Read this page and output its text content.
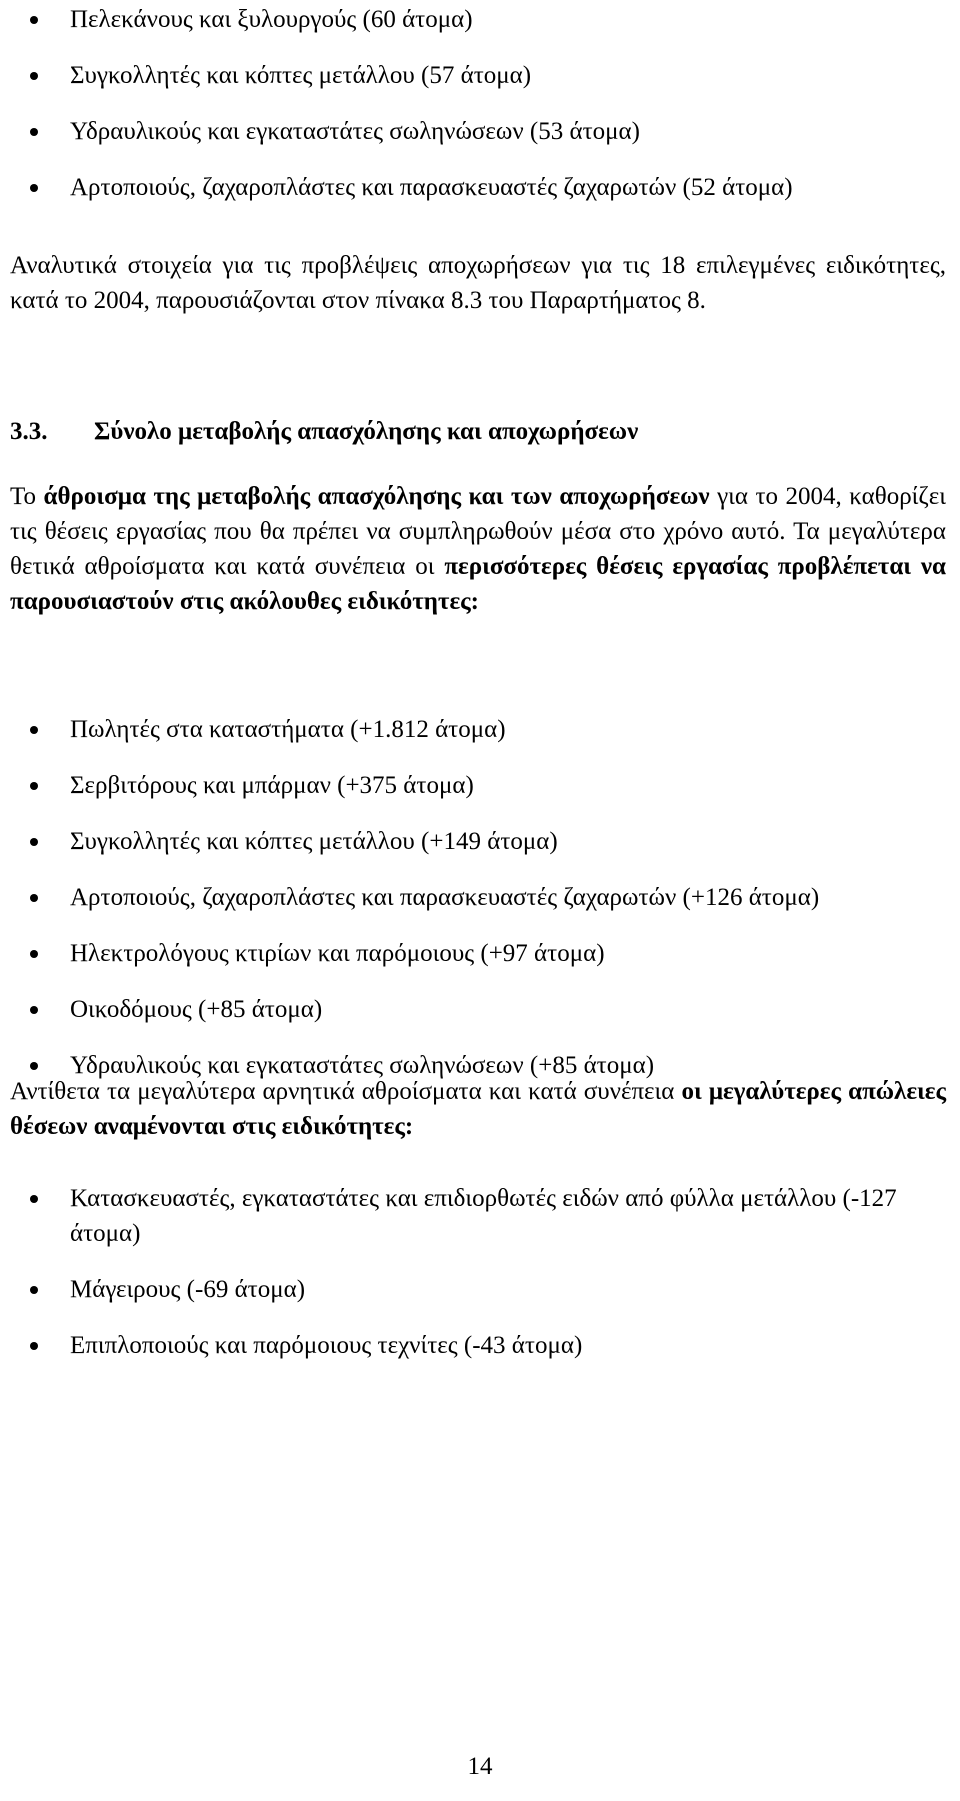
Πελεκάνους και ξυλουργούς (60 άτομα)
Συγκολλητές και κόπτες μετάλλου (57 άτομα)
Υδραυλικούς και εγκαταστάτες σωληνώσεων (53 άτομα)
Αρτοποιούς, ζαχαροπλάστες και παρασκευαστές ζαχαρωτών (52 άτομα)

Αναλυτικά στοιχεία για τις προβλέψεις αποχωρήσεων για τις 18 επιλεγμένες ειδικότητες, κατά το 2004, παρουσιάζονται στον πίνακα 8.3 του Παραρτήματος 8.

3.3. Σύνολο μεταβολής απασχόλησης και αποχωρήσεων

Το άθροισμα της μεταβολής απασχόλησης και των αποχωρήσεων για το 2004, καθορίζει τις θέσεις εργασίας που θα πρέπει να συμπληρωθούν μέσα στο χρόνο αυτό. Τα μεγαλύτερα θετικά αθροίσματα και κατά συνέπεια οι περισσότερες θέσεις εργασίας προβλέπεται να παρουσιαστούν στις ακόλουθες ειδικότητες:

Πωλητές στα καταστήματα (+1.812 άτομα)
Σερβιτόρους και μπάρμαν (+375 άτομα)
Συγκολλητές και κόπτες μετάλλου (+149 άτομα)
Αρτοποιούς, ζαχαροπλάστες και παρασκευαστές ζαχαρωτών (+126 άτομα)
Ηλεκτρολόγους κτιρίων και παρόμοιους (+97 άτομα)
Οικοδόμους (+85 άτομα)
Υδραυλικούς και εγκαταστάτες σωληνώσεων (+85 άτομα)

Αντίθετα τα μεγαλύτερα αρνητικά αθροίσματα και κατά συνέπεια οι μεγαλύτερες απώλειες θέσεων αναμένονται στις ειδικότητες:

Κατασκευαστές, εγκαταστάτες και επιδιορθωτές ειδών από φύλλα μετάλλου (-127 άτομα)
Μάγειρους (-69 άτομα)
Επιπλοποιούς και παρόμοιους τεχνίτες (-43 άτομα)
14
